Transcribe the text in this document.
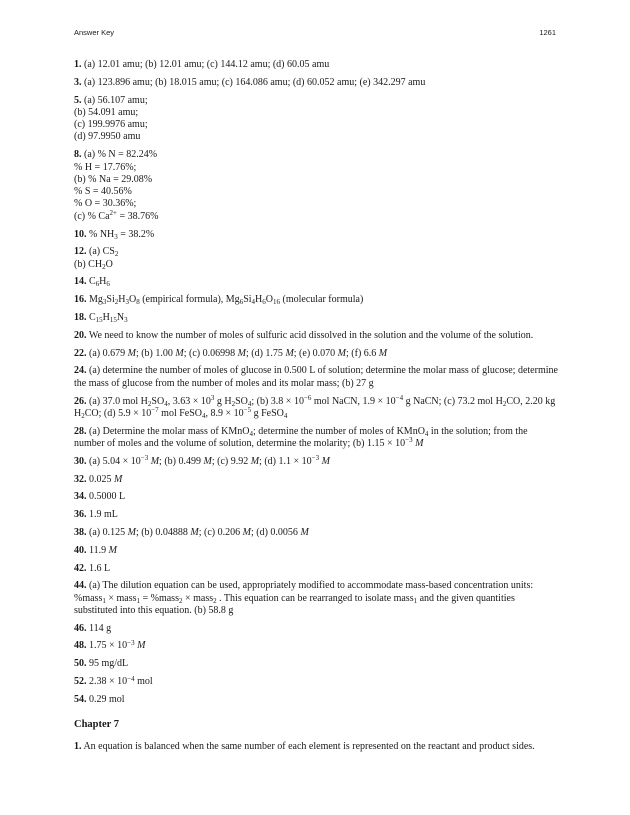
Answer Key	1261
1. (a) 12.01 amu; (b) 12.01 amu; (c) 144.12 amu; (d) 60.05 amu
3. (a) 123.896 amu; (b) 18.015 amu; (c) 164.086 amu; (d) 60.052 amu; (e) 342.297 amu
5. (a) 56.107 amu;
(b) 54.091 amu;
(c) 199.9976 amu;
(d) 97.9950 amu
8. (a) % N = 82.24%
% H = 17.76%;
(b) % Na = 29.08%
% S = 40.56%
% O = 30.36%;
(c) % $Ca^{2+} = 38.76\%$
10. % $NH_3 = 38.2\%$
12. (a) $CS_2$
(b) $CH_2O$
14. $C_6H_6$
16. $Mg_3Si_2H_3O_8$ (empirical formula), $Mg_6Si_4H_6O_{16}$ (molecular formula)
18. $C_{15}H_{15}N_3$
20. We need to know the number of moles of sulfuric acid dissolved in the solution and the volume of the solution.
22. (a) 0.679 M; (b) 1.00 M; (c) 0.06998 M; (d) 1.75 M; (e) 0.070 M; (f) 6.6 M
24. (a) determine the number of moles of glucose in 0.500 L of solution; determine the molar mass of glucose; determine the mass of glucose from the number of moles and its molar mass; (b) 27 g
26. (a) 37.0 mol $H_2SO_4$, $3.63 \times 10^3$ g $H_2SO_4$; (b) $3.8 \times 10^{-6}$ mol NaCN, $1.9 \times 10^{-4}$ g NaCN; (c) 73.2 mol $H_2CO$, 2.20 kg $H_2CO$; (d) $5.9 \times 10^{-7}$ mol FeSO$_4$, $8.9 \times 10^{-5}$ g FeSO$_4$
28. (a) Determine the molar mass of KMnO$_4$; determine the number of moles of KMnO$_4$ in the solution; from the number of moles and the volume of solution, determine the molarity; (b) $1.15 \times 10^{-3}$ M
30. (a) $5.04 \times 10^{-3}$ M; (b) 0.499 M; (c) 9.92 M; (d) $1.1 \times 10^{-3}$ M
32. 0.025 M
34. 0.5000 L
36. 1.9 mL
38. (a) 0.125 M; (b) 0.04888 M; (c) 0.206 M; (d) 0.0056 M
40. 11.9 M
42. 1.6 L
44. (a) The dilution equation can be used, appropriately modified to accommodate mass-based concentration units: %mass$_1$ × mass$_1$ = %mass$_2$ × mass$_2$ . This equation can be rearranged to isolate mass$_1$ and the given quantities substituted into this equation. (b) 58.8 g
46. 114 g
48. $1.75 \times 10^{-3}$ M
50. 95 mg/dL
52. $2.38 \times 10^{-4}$ mol
54. 0.29 mol
Chapter 7
1. An equation is balanced when the same number of each element is represented on the reactant and product sides.
